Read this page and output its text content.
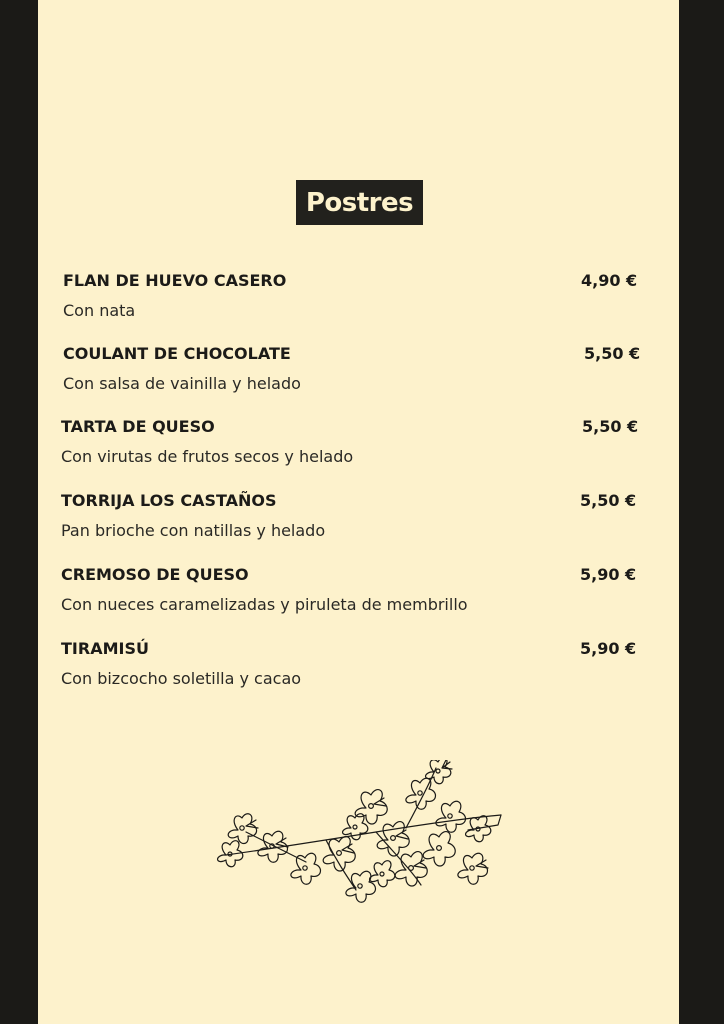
Postres
FLAN DE HUEVO CASERO	4,90 €
Con nata
COULANT DE CHOCOLATE	5,50 €
Con salsa de vainilla y helado
TARTA DE QUESO	5,50 €
Con virutas de frutos secos y helado
TORRIJA LOS CASTAÑOS	5,50 €
Pan brioche con natillas y helado
CREMOSO DE QUESO	5,90 €
Con nueces caramelizadas y piruleta de membrillo
TIRAMISÚ	5,90 €
Con bizcocho soletilla y cacao
